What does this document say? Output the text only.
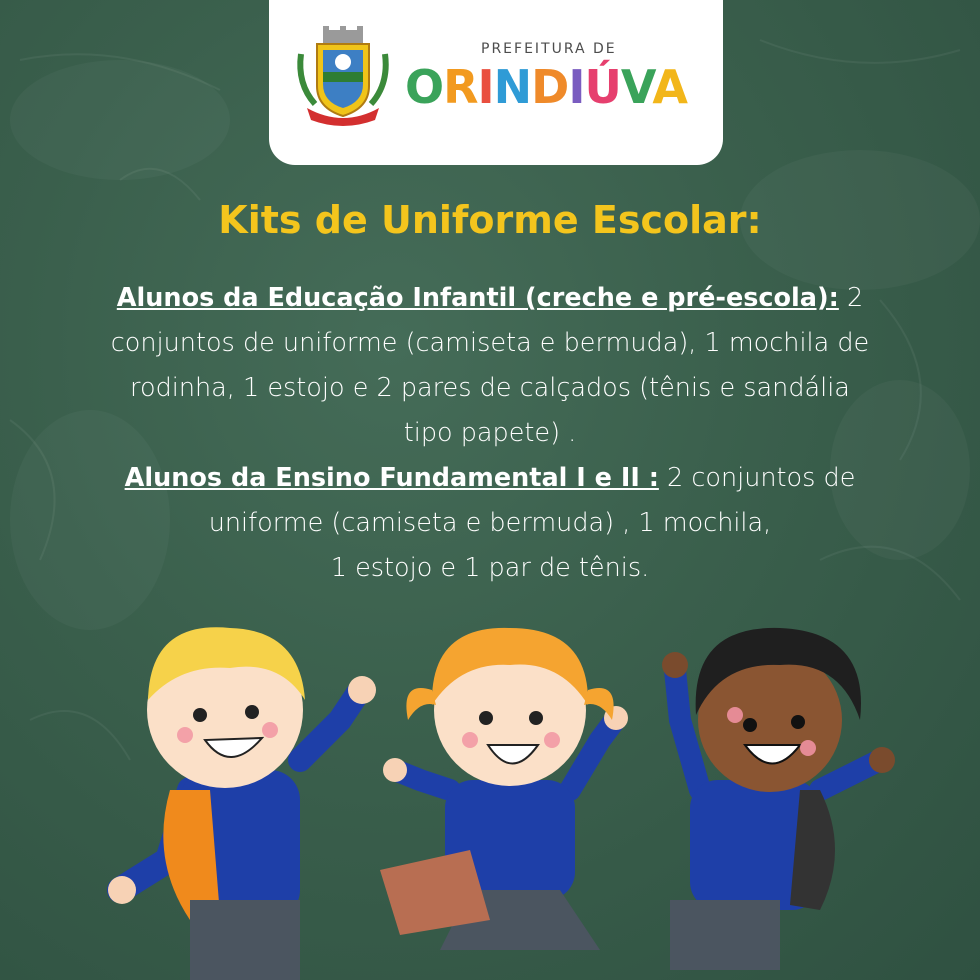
PREFEITURA DE
ORINDIÚVA
Kits de Uniforme Escolar:
Alunos da Educação Infantil (creche e pré-escola): 2
conjuntos de uniforme (camiseta e bermuda), 1 mochila de
rodinha, 1 estojo e 2 pares de calçados (tênis e sandália
tipo papete) .
Alunos da Ensino Fundamental I e II : 2 conjuntos de
uniforme (camiseta e bermuda) , 1 mochila,
1 estojo e 1 par de tênis.
